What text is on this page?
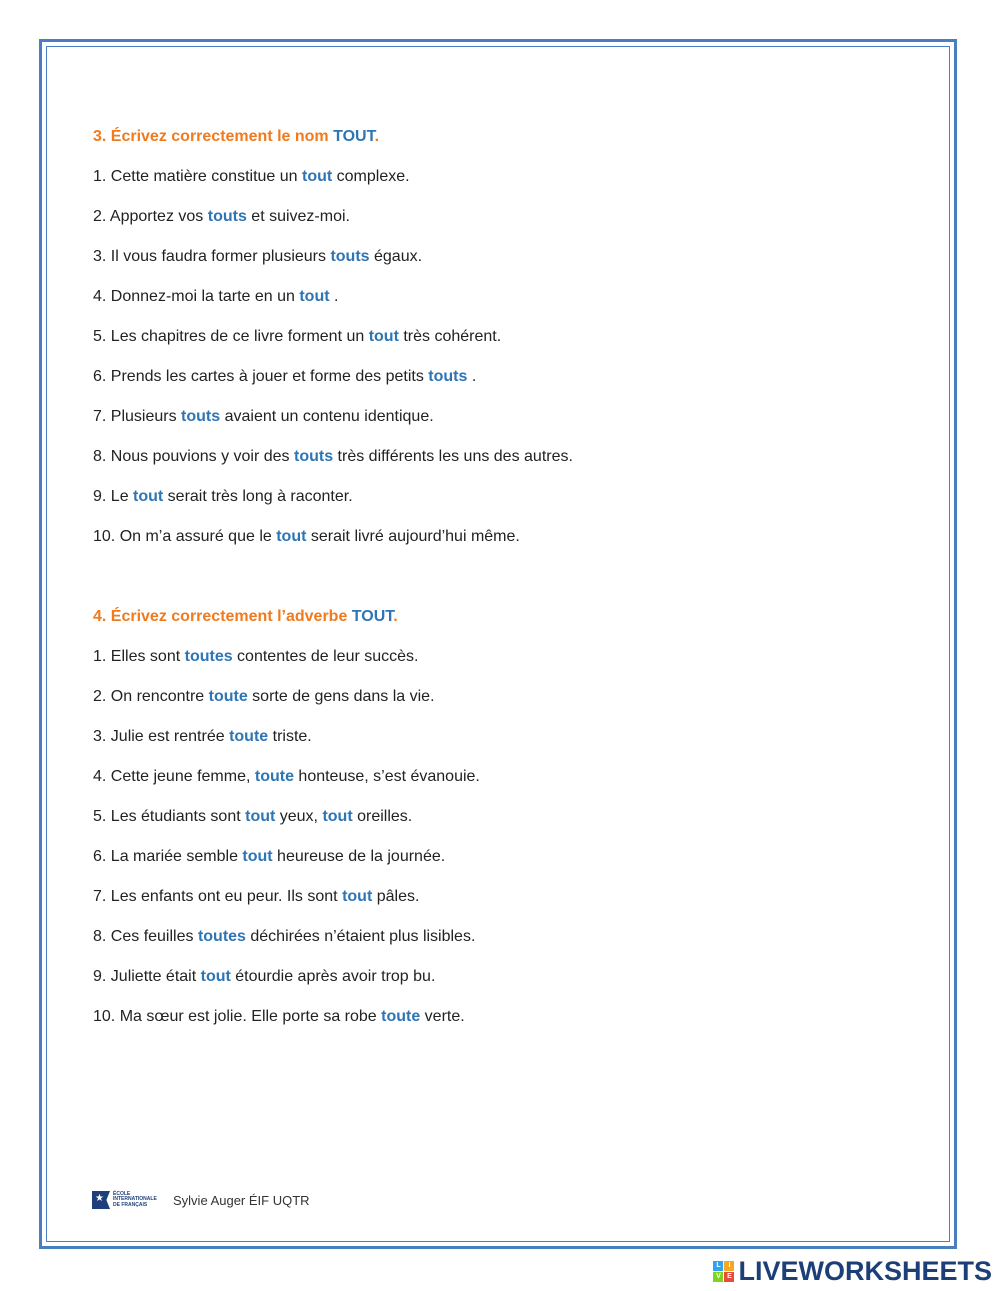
3. Écrivez correctement le nom TOUT.
1. Cette matière constitue un tout complexe.
2. Apportez vos touts et suivez-moi.
3. Il vous faudra former plusieurs touts égaux.
4. Donnez-moi la tarte en un tout .
5. Les chapitres de ce livre forment un tout très cohérent.
6. Prends les cartes à jouer et forme des petits touts .
7. Plusieurs touts avaient un contenu identique.
8. Nous pouvions y voir des touts très différents les uns des autres.
9. Le tout serait très long à raconter.
10. On m’a assuré que le tout serait livré aujourd’hui même.
4. Écrivez correctement l’adverbe TOUT.
1. Elles sont toutes contentes de leur succès.
2. On rencontre toute sorte de gens dans la vie.
3. Julie est rentrée toute triste.
4. Cette jeune femme, toute honteuse, s’est évanouie.
5. Les étudiants sont tout yeux, tout oreilles.
6. La mariée semble tout heureuse de la journée.
7. Les enfants ont eu peur. Ils sont tout pâles.
8. Ces feuilles toutes déchirées n’étaient plus lisibles.
9. Juliette était tout étourdie après avoir trop bu.
10. Ma sœur est jolie. Elle porte sa robe toute verte.
★
ÉCOLE INTERNATIONALE DE FRANÇAIS	Sylvie Auger ÉIF UQTR
L	I
V E LIVEWORKSHEETS
